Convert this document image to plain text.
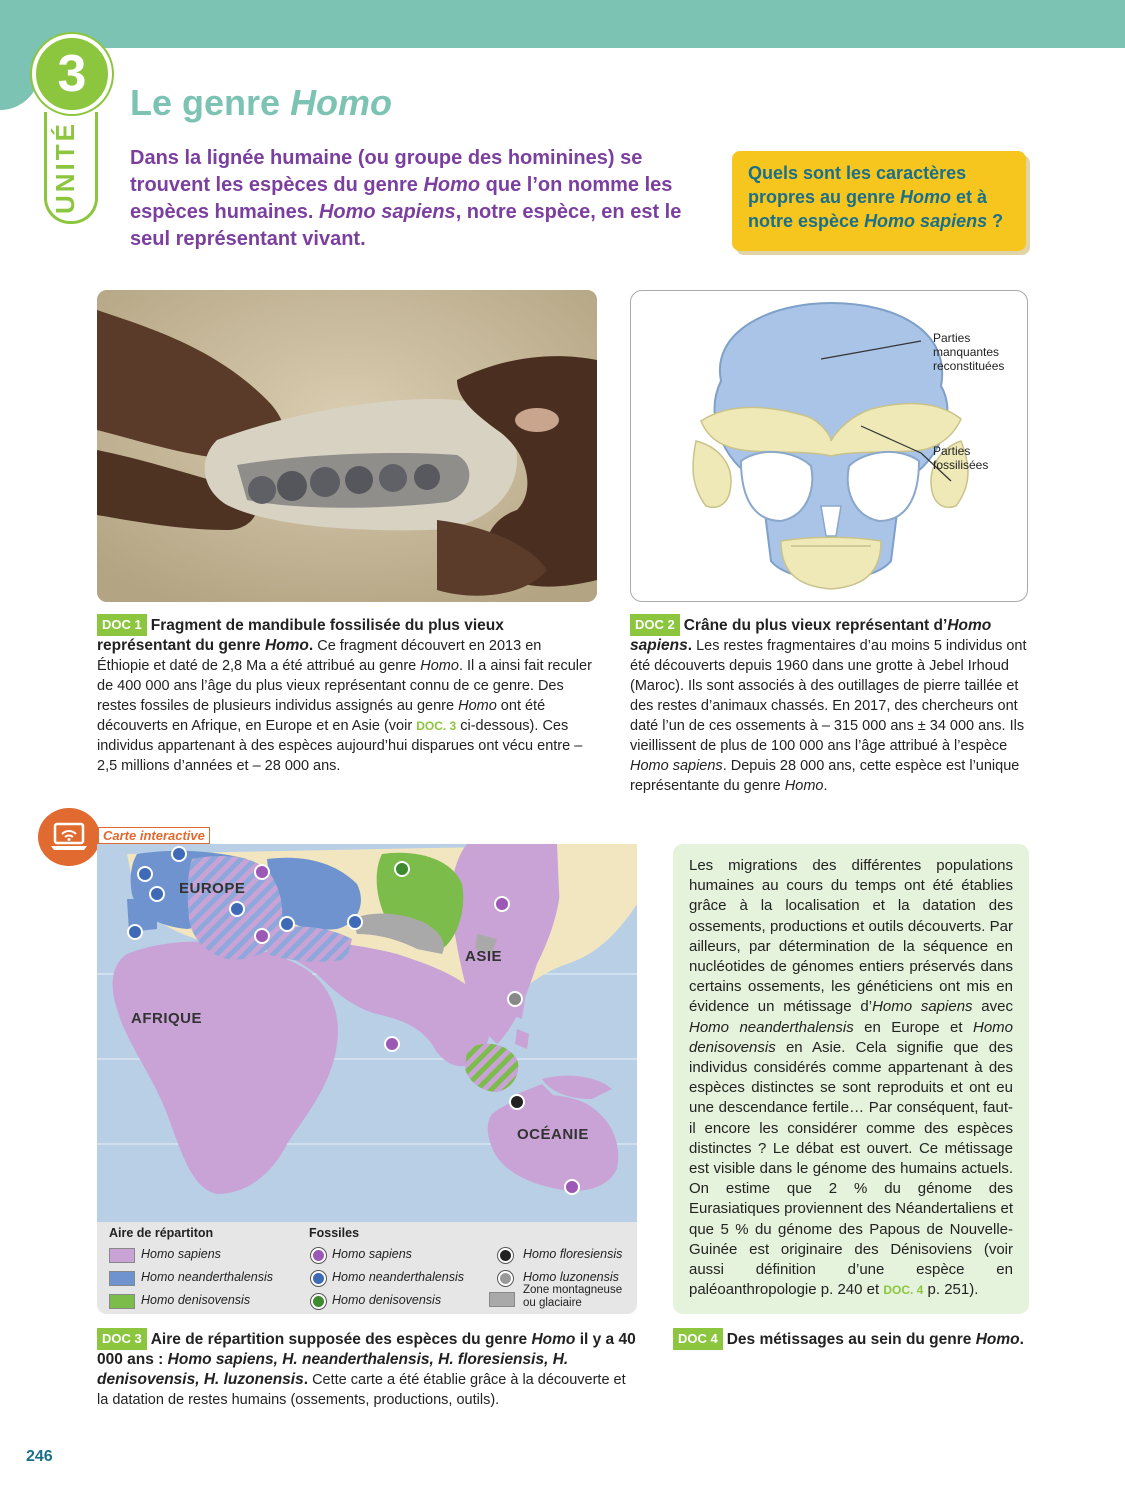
3
UNITÉ
Le genre Homo

Dans la lignée humaine (ou groupe des hominines) se trouvent les espèces du genre Homo que l’on nomme les espèces humaines. Homo sapiens, notre espèce, en est le seul représentant vivant.

Quels sont les caractères propres au genre Homo et à notre espèce Homo sapiens ?
Parties manquantes reconstituées
Parties fossilisées
DOC 1 Fragment de mandibule fossilisée du plus vieux représentant du genre Homo. Ce fragment découvert en 2013 en Éthiopie et daté de 2,8 Ma a été attribué au genre Homo. Il a ainsi fait reculer de 400 000 ans l’âge du plus vieux représentant connu de ce genre. Des restes fossiles de plusieurs individus assignés au genre Homo ont été découverts en Afrique, en Europe et en Asie (voir DOC. 3 ci-dessous). Ces individus appartenant à des espèces aujourd’hui disparues ont vécu entre – 2,5 millions d’années et – 28 000 ans.
DOC 2 Crâne du plus vieux représentant d’Homo sapiens. Les restes fragmentaires d’au moins 5 individus ont été découverts depuis 1960 dans une grotte à Jebel Irhoud (Maroc). Ils sont associés à des outillages de pierre taillée et des restes d’animaux chassés. En 2017, des chercheurs ont daté l’un de ces ossements à – 315 000 ans ± 34 000 ans. Ils vieillissent de plus de 100 000 ans l’âge attribué à l’espèce Homo sapiens. Depuis 28 000 ans, cette espèce est l’unique représentante du genre Homo.
Carte interactive
EUROPE
ASIE
AFRIQUE
OCÉANIE
Aire de répartiton	Fossiles
Homo sapiens
Homo neanderthalensis
Homo denisovensis
Homo sapiens
Homo neanderthalensis
Homo denisovensis
Homo floresiensis
Homo luzonensis
Zone montagneuse ou glaciaire
DOC 3 Aire de répartition supposée des espèces du genre Homo il y a 40 000 ans : Homo sapiens, H. neanderthalensis, H. floresiensis, H. denisovensis, H. luzonensis. Cette carte a été établie grâce à la découverte et la datation de restes humains (ossements, productions, outils).
Les migrations des différentes populations humaines au cours du temps ont été établies grâce à la localisation et la datation des ossements, productions et outils découverts. Par ailleurs, par détermination de la séquence en nucléotides de génomes entiers préservés dans certains ossements, les généticiens ont mis en évidence un métissage d’Homo sapiens avec Homo neanderthalensis en Europe et Homo denisovensis en Asie. Cela signifie que des individus considérés comme appartenant à des espèces distinctes se sont reproduits et ont eu une descendance fertile… Par conséquent, faut-il encore les considérer comme des espèces distinctes ? Le débat est ouvert. Ce métissage est visible dans le génome des humains actuels. On estime que 2 % du génome des Eurasiatiques proviennent des Néandertaliens et que 5 % du génome des Papous de Nouvelle-Guinée est originaire des Dénisoviens (voir aussi définition d’une espèce en paléoanthropologie p. 240 et DOC. 4 p. 251).
DOC 4 Des métissages au sein du genre Homo.
246
